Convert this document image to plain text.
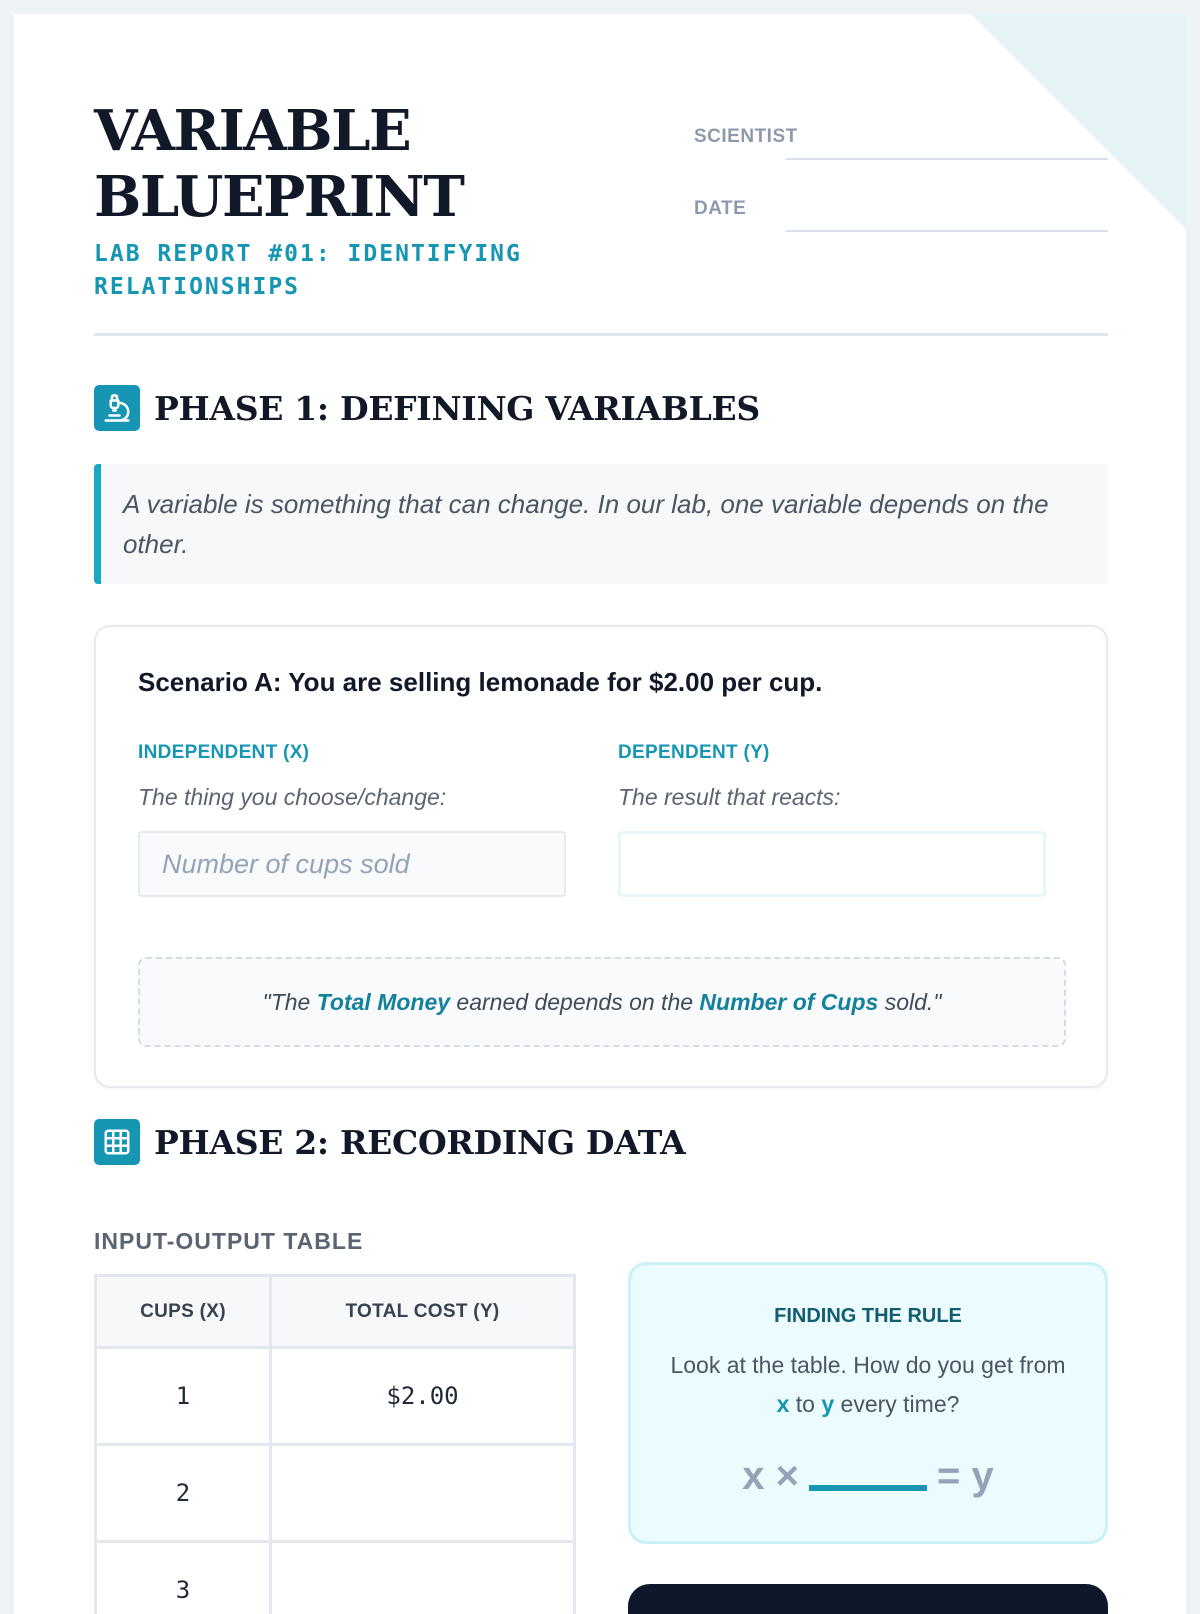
VARIABLE
BLUEPRINT
LAB REPORT #01: IDENTIFYING
RELATIONSHIPS
SCIENTIST
DATE
PHASE 1: DEFINING VARIABLES
A variable is something that can change. In our lab, one variable depends on the other.
Scenario A: You are selling lemonade for $2.00 per cup.
INDEPENDENT (X)
The thing you choose/change:
Number of cups sold
DEPENDENT (Y)
The result that reacts:
"The
Total Money earned depends on the Number of Cups sold."
PHASE 2: RECORDING DATA
INPUT-OUTPUT TABLE
CUPS (X)	TOTAL COST (Y)
1	$2.00
2	
3	
FINDING THE RULE
Look at the table. How do you get from x to y every time?
x ×	= y
